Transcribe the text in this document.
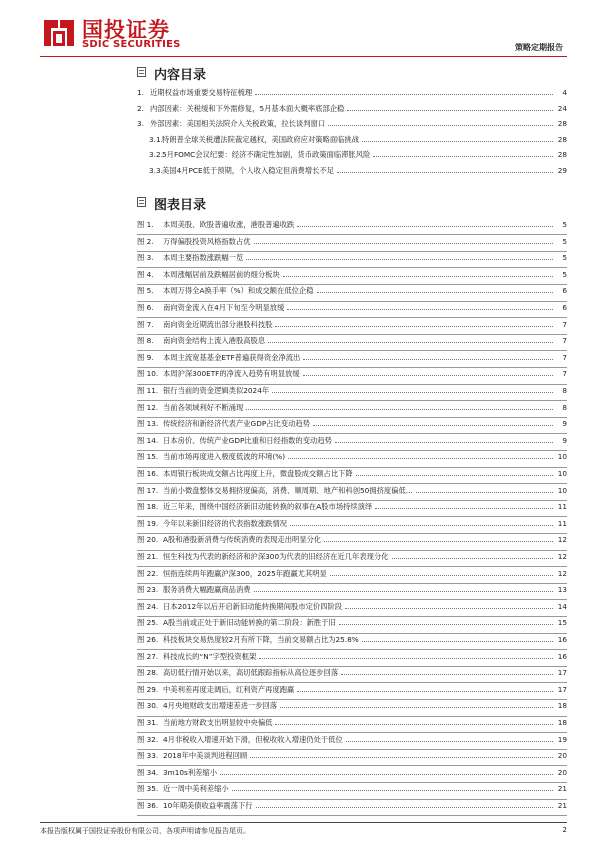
国投证券
SDIC SECURITIES	策略定期报告
内容目录
1. 近期权益市场重要交易特征梳理	4
2. 内部因素：关税缓和下外需修复，5月基本面大概率底部企稳	24
3. 外部因素：美国相关法院介入关税政策，拉长谈判窗口	28
3.1. 特朗普全球关税遭法院裁定越权，美国政府应对策略面临挑战	28
3.2. 5月FOMC会议纪要：经济不确定性加剧，货币政策面临滞胀风险	28
3.3. 美国4月PCE低于预期，个人收入稳定但消费增长不足	29
图表目录
图 1. 本周美股、欧股普遍收涨，港股普遍收跌	5
图 2. 万得偏股投资风格指数占优	5
图 3. 本周主要指数涨跌幅一览	5
图 4. 本周涨幅居前及跌幅居前的细分板块	5
图 5. 本周万得全A换手率（%）和成交额在低位企稳	6
图 6. 南向资金流入在4月下旬至今明显放缓	6
图 7. 南向资金近期流出部分港股科技股	7
图 8. 南向资金结构上流入港股高股息	7
图 9. 本周主流宽基基金ETF普遍获得资金净流出	7
图 10. 本周沪深300ETF的净流入趋势有明显放缓	7
图 11. 银行当前的资金逻辑类似2024年	8
图 12. 当前各领域利好不断涌现	8
图 13. 传统经济和新经济代表产业GDP占比变动趋势	9
图 14. 日本房价、传统产业GDP比重和日经指数的变动趋势	9
图 15. 当前市场再度进入极度低波的环境(%)	10
图 16. 本周银行板块成交额占比再度上升，微盘股成交额占比下降	10
图 17. 当前小微盘整体交易拥挤度偏高，消费、顺周期、地产和科创50拥挤度偏低...	10
图 18. 近三年来，围绕中国经济新旧动能转换的叙事在A股市场持续演绎	11
图 19. 今年以来新旧经济的代表指数涨跌情况	11
图 20. A股和港股新消费与传统消费的表现走出明显分化	12
图 21. 恒生科技为代表的新经济和沪深300为代表的旧经济在近几年表现分化	12
图 22. 恒指连续两年跑赢沪深300，2025年跑赢尤其明显	12
图 23. 服务消费大幅跑赢商品消费	13
图 24. 日本2012年以后开启新旧动能转换期间股市定价四阶段	14
图 25. A股当前或正处于新旧动能转换的第二阶段：新胜于旧	15
图 26. 科技板块交易热度较2月有所下降，当前交易额占比为25.8%	16
图 27. 科技成长的“N”字型投资框架	16
图 28. 高切低行情开始以来，高切低跟踪指标从高位逐步回落	17
图 29. 中美利差再度走阔后，红利资产再度跑赢	17
图 30. 4月央地财政支出增速差进一步回落	18
图 31. 当前地方财政支出明显较中央偏低	18
图 32. 4月非税收入增速开始下滑，但税收收入增速仍处于低位	19
图 33. 2018年中美谈判进程回顾	20
图 34. 3m10s利差缩小	20
图 35. 近一周中美利差缩小	21
图 36. 10年期美债收益率震荡下行	21
本报告版权属于国投证券股份有限公司，各项声明请参见报告尾页。	2
